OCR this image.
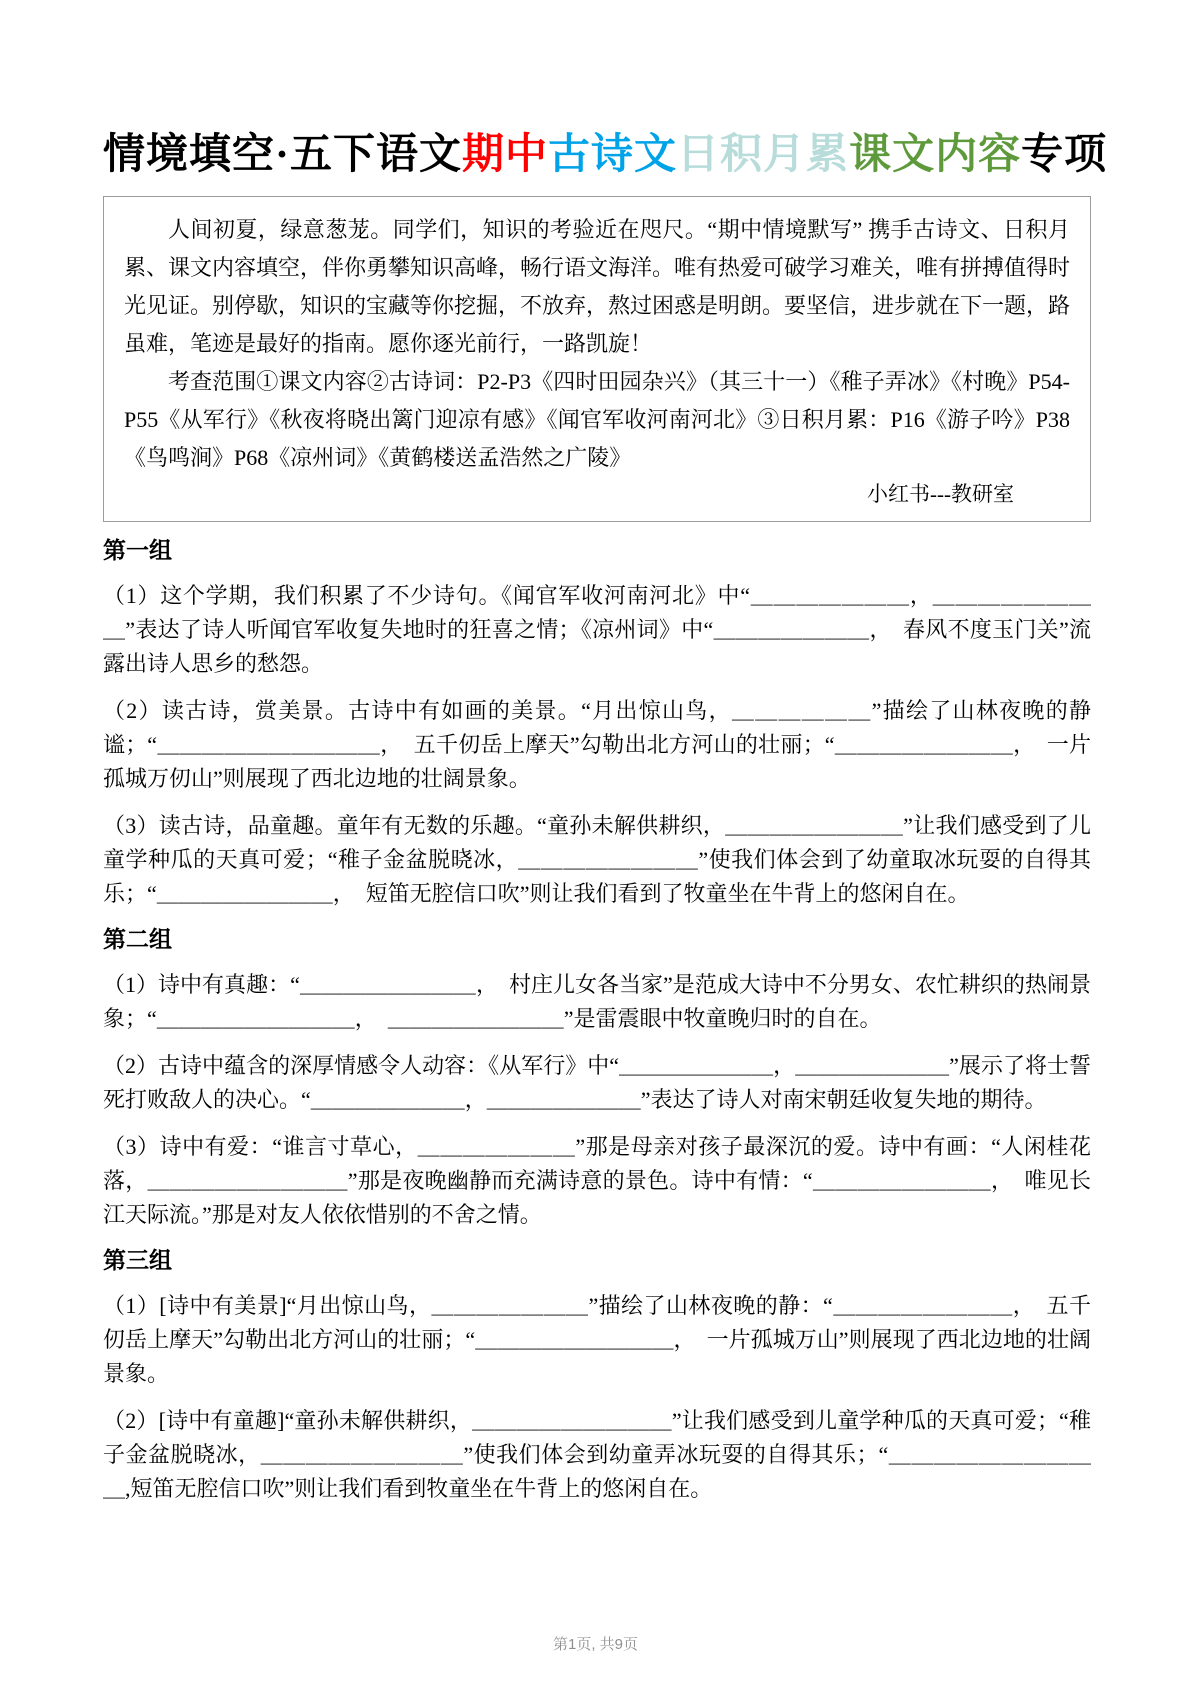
情境填空·五下语文期中古诗文日积月累课文内容专项

人间初夏，绿意葱茏。同学们，知识的考验近在咫尺。“期中情境默写” 携手古诗文、日积月累、课文内容填空，伴你勇攀知识高峰，畅行语文海洋。唯有热爱可破学习难关，唯有拼搏值得时光见证。别停歇，知识的宝藏等你挖掘，不放弃，熬过困惑是明朗。要坚信，进步就在下一题，路虽难，笔迹是最好的指南。愿你逐光前行，一路凯旋！

考查范围①课文内容②古诗词：P2-P3《四时田园杂兴》（其三十一）《稚子弄冰》《村晚》P54-P55《从军行》《秋夜将晓出篱门迎凉有感》《闻官军收河南河北》③日积月累：P16《游子吟》P38《鸟鸣涧》P68《凉州词》《黄鹤楼送孟浩然之广陵》

小红书---教研室

第一组

（1）这个学期，我们积累了不少诗句。《闻官军收河南河北》中“＿＿＿＿＿＿＿，＿＿＿＿＿＿＿＿”表达了诗人听闻官军收复失地时的狂喜之情；《凉州词》中“＿＿＿＿＿＿＿，　春风不度玉门关”流露出诗人思乡的愁怨。

（2）读古诗，赏美景。古诗中有如画的美景。“月出惊山鸟，＿＿＿＿＿＿”描绘了山林夜晚的静谧；“＿＿＿＿＿＿＿＿＿＿，　五千仞岳上摩天”勾勒出北方河山的壮丽；“＿＿＿＿＿＿＿＿，　一片孤城万仞山”则展现了西北边地的壮阔景象。

（3）读古诗，品童趣。童年有无数的乐趣。“童孙未解供耕织，＿＿＿＿＿＿＿＿”让我们感受到了儿童学种瓜的天真可爱；“稚子金盆脱晓冰，＿＿＿＿＿＿＿＿”使我们体会到了幼童取冰玩耍的自得其乐；“＿＿＿＿＿＿＿＿，　短笛无腔信口吹”则让我们看到了牧童坐在牛背上的悠闲自在。

第二组

（1）诗中有真趣：“＿＿＿＿＿＿＿＿，　村庄儿女各当家”是范成大诗中不分男女、农忙耕织的热闹景象；“＿＿＿＿＿＿＿＿＿，　＿＿＿＿＿＿＿＿”是雷震眼中牧童晚归时的自在。

（2）古诗中蕴含的深厚情感令人动容：《从军行》中“＿＿＿＿＿＿＿，＿＿＿＿＿＿＿”展示了将士誓死打败敌人的决心。“＿＿＿＿＿＿＿，＿＿＿＿＿＿＿”表达了诗人对南宋朝廷收复失地的期待。

（3）诗中有爱：“谁言寸草心，＿＿＿＿＿＿＿”那是母亲对孩子最深沉的爱。诗中有画：“人闲桂花落，＿＿＿＿＿＿＿＿＿”那是夜晚幽静而充满诗意的景色。诗中有情：“＿＿＿＿＿＿＿＿，　唯见长江天际流。”那是对友人依依惜别的不舍之情。

第三组

（1）[诗中有美景]“月出惊山鸟，＿＿＿＿＿＿＿”描绘了山林夜晚的静：“＿＿＿＿＿＿＿＿，　五千仞岳上摩天”勾勒出北方河山的壮丽；“＿＿＿＿＿＿＿＿＿，　一片孤城万山”则展现了西北边地的壮阔景象。

（2）[诗中有童趣]“童孙未解供耕织，＿＿＿＿＿＿＿＿＿”让我们感受到儿童学种瓜的天真可爱；“稚子金盆脱晓冰，＿＿＿＿＿＿＿＿＿”使我们体会到幼童弄冰玩耍的自得其乐；“＿＿＿＿＿＿＿＿＿＿,短笛无腔信口吹”则让我们看到牧童坐在牛背上的悠闲自在。

第1页, 共9页
